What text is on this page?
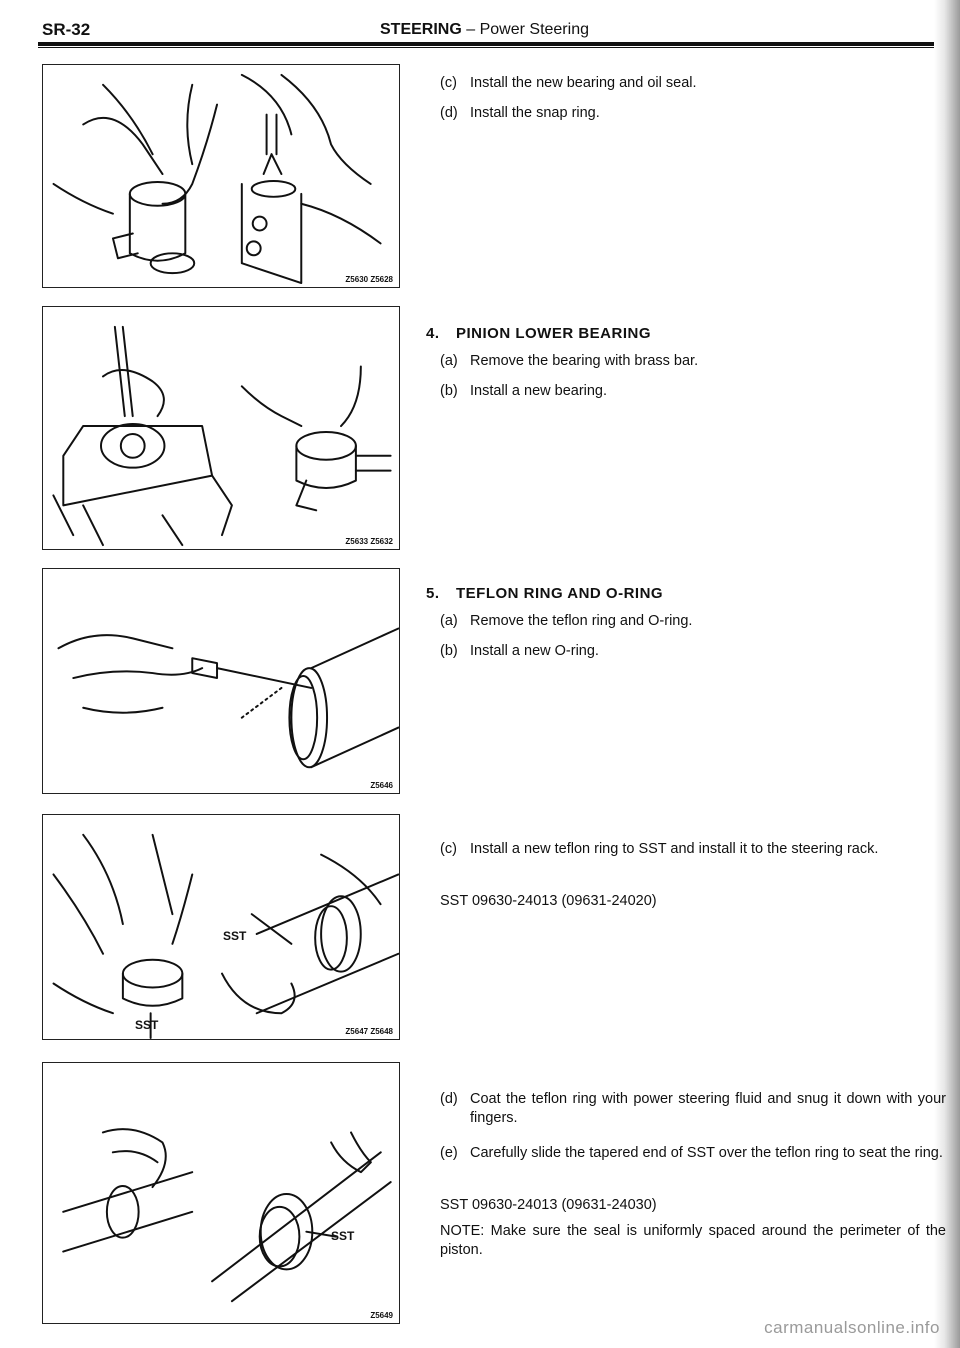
SR-32	STEERING – Power Steering
Z5630 Z5628
Z5633 Z5632
Z5646
SST
SST	Z5647 Z5648
SST
Z5649
(c) Install the new bearing and oil seal.
(d) Install the snap ring.
4. PINION LOWER BEARING
(a) Remove the bearing with brass bar.
(b) Install a new bearing.
5. TEFLON RING AND O-RING
(a) Remove the teflon ring and O-ring.
(b) Install a new O-ring.
(c) Install a new teflon ring to SST and install it to the steering rack.
SST 09630-24013 (09631-24020)
(d) Coat the teflon ring with power steering fluid and snug it down with your fingers.
(e) Carefully slide the tapered end of SST over the teflon ring to seat the ring.
SST 09630-24013 (09631-24030)
NOTE: Make sure the seal is uniformly spaced around the perimeter of the piston.
carmanualsonline.info
